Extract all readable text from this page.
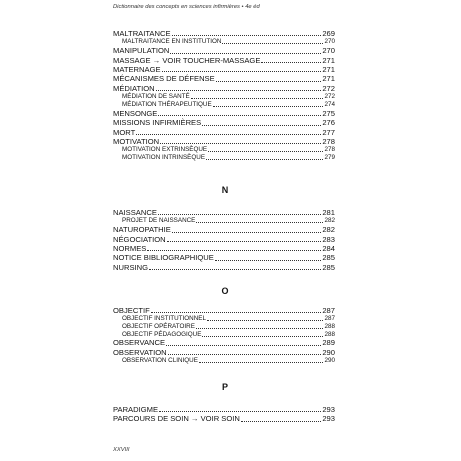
Dictionnaire des concepts en sciences infirmières • 4e éd
MALTRAITANCE	269
MALTRAITANCE EN INSTITUTION	270
MANIPULATION	270
MASSAGE → VOIR TOUCHER-MASSAGE	271
MATERNAGE	271
MÉCANISMES DE DÉFENSE	271
MÉDIATION	272
MÉDIATION DE SANTÉ	272
MÉDIATION THÉRAPEUTIQUE	274
MENSONGE	275
MISSIONS INFIRMIÈRES	276
MORT	277
MOTIVATION	278
MOTIVATION EXTRINSÈQUE	278
MOTIVATION INTRINSÈQUE	279
N
NAISSANCE	281
PROJET DE NAISSANCE	282
NATUROPATHIE	282
NÉGOCIATION	283
NORMES	284
NOTICE BIBLIOGRAPHIQUE	285
NURSING	285
O
OBJECTIF	287
OBJECTIF INSTITUTIONNEL	287
OBJECTIF OPÉRATOIRE	288
OBJECTIF PÉDAGOGIQUE	288
OBSERVANCE	289
OBSERVATION	290
OBSERVATION CLINIQUE	290
P
PARADIGME	293
PARCOURS DE SOIN → VOIR SOIN	293
XXVIII
